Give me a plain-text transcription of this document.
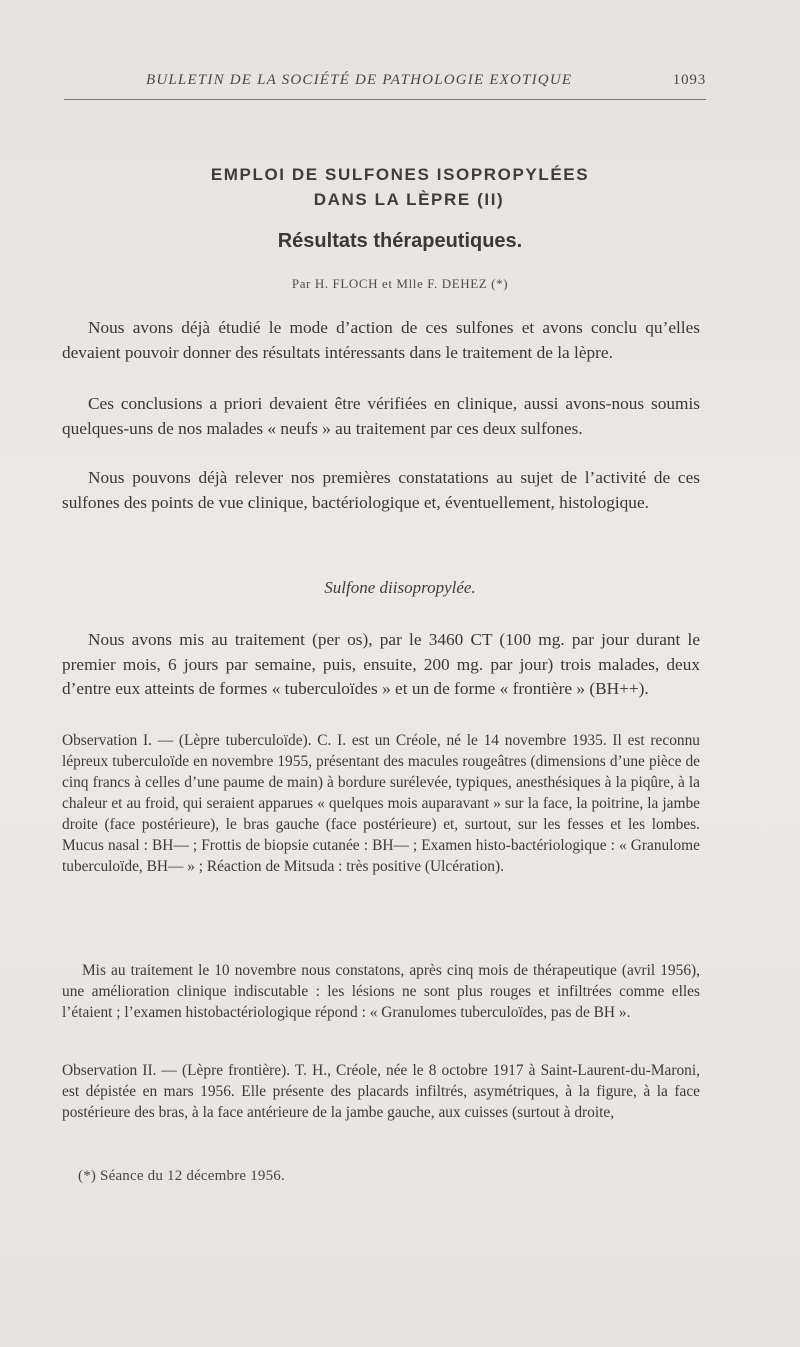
BULLETIN DE LA SOCIÉTÉ DE PATHOLOGIE EXOTIQUE	1093
EMPLOI DE SULFONES ISOPROPYLÉES
DANS LA LÈPRE (II)
Résultats thérapeutiques.
Par H. FLOCH et Mlle F. DEHEZ (*)
Nous avons déjà étudié le mode d’action de ces sulfones et avons conclu qu’elles devaient pouvoir donner des résultats intéressants dans le traitement de la lèpre.
Ces conclusions a priori devaient être vérifiées en clinique, aussi avons-nous soumis quelques-uns de nos malades « neufs » au traitement par ces deux sulfones.
Nous pouvons déjà relever nos premières constatations au sujet de l’activité de ces sulfones des points de vue clinique, bactériologique et, éventuellement, histologique.
Sulfone diisopropylée.
Nous avons mis au traitement (per os), par le 3460 CT (100 mg. par jour durant le premier mois, 6 jours par semaine, puis, ensuite, 200 mg. par jour) trois malades, deux d’entre eux atteints de formes « tuberculoïdes » et un de forme « frontière » (BH++).
Observation I. — (Lèpre tuberculoïde). C. I. est un Créole, né le 14 novembre 1935. Il est reconnu lépreux tuberculoïde en novembre 1955, présentant des macules rougeâtres (dimensions d’une pièce de cinq francs à celles d’une paume de main) à bordure surélevée, typiques, anesthésiques à la piqûre, à la chaleur et au froid, qui seraient apparues « quelques mois auparavant » sur la face, la poitrine, la jambe droite (face postérieure), le bras gauche (face postérieure) et, surtout, sur les fesses et les lombes. Mucus nasal : BH— ; Frottis de biopsie cutanée : BH— ; Examen histo-bactériologique : « Granulome tuberculoïde, BH— » ; Réaction de Mitsuda : très positive (Ulcération).
Mis au traitement le 10 novembre nous constatons, après cinq mois de thérapeutique (avril 1956), une amélioration clinique indiscutable : les lésions ne sont plus rouges et infiltrées comme elles l’étaient ; l’examen histobactériologique répond : « Granulomes tuberculoïdes, pas de BH ».
Observation II. — (Lèpre frontière). T. H., Créole, née le 8 octobre 1917 à Saint-Laurent-du-Maroni, est dépistée en mars 1956. Elle présente des placards infiltrés, asymétriques, à la figure, à la face postérieure des bras, à la face antérieure de la jambe gauche, aux cuisses (surtout à droite,
(*) Séance du 12 décembre 1956.
